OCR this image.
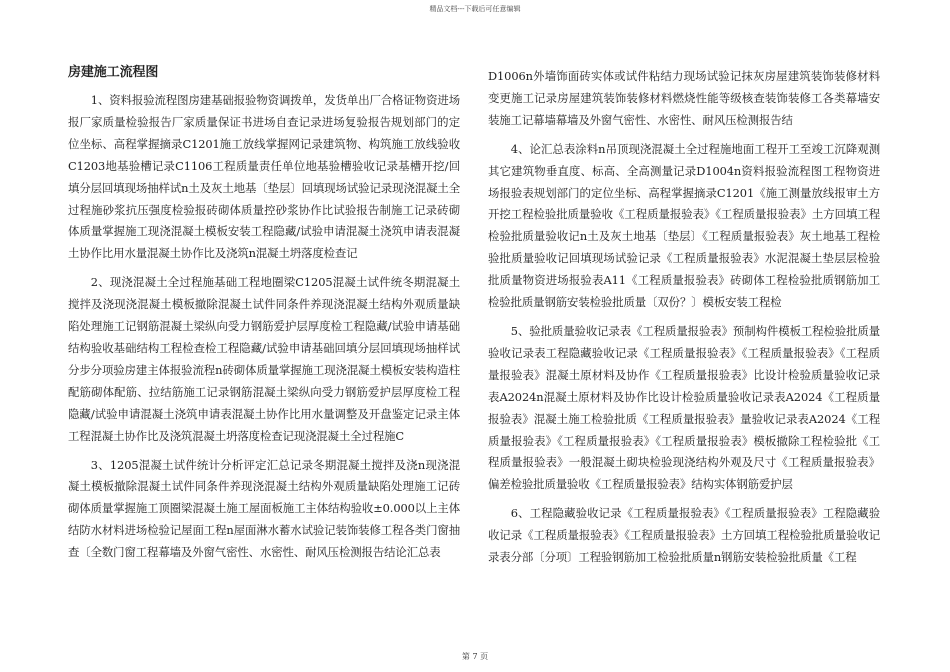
精品文档---下载后可任意编辑
房建施工流程图

1、资料报验流程图房建基础报验物资调拨单，发货单出厂合格证物资进场报厂家质量检验报告厂家质量保证书进场自查记录进场复验报告规划部门的定位坐标、高程掌握摘录C1201施工放线掌握网记录建筑物、构筑施工放线验收C1203地基验槽记录C1106工程质量责任单位地基验槽验收记录基槽开挖/回填分层回填现场抽样试n土及灰土地基〔垫层〕回填现场试验记录现浇混凝土全过程施砂浆抗压强度检验报砖砌体质量控砂浆协作比试验报告制施工记录砖砌体质量掌握施工现浇混凝土模板安装工程隐藏/试验申请混凝土浇筑申请表混凝土协作比用水量混凝土协作比及浇筑n混凝土坍落度检查记

2、现浇混凝土全过程施基础工程地圈梁C1205混凝土试件统冬期混凝土搅拌及浇现浇混凝土模板撤除混凝土试件同条件养现浇混凝土结构外观质量缺陷处理施工记钢筋混凝土梁纵向受力钢筋爱护层厚度检工程隐藏/试验申请基础结构验收基础结构工程检查检工程隐藏/试验申请基础回填分层回填现场抽样试分步分项验房建主体报验流程n砖砌体质量掌握施工现浇混凝土模板安装构造柱配筋砌体配筋、拉结筋施工记录钢筋混凝土梁纵向受力钢筋爱护层厚度检工程隐藏/试验申请混凝土浇筑申请表混凝土协作比用水量调整及开盘鉴定记录主体工程混凝土协作比及浇筑混凝土坍落度检查记现浇混凝土全过程施C

3、1205混凝土试件统计分析评定汇总记录冬期混凝土搅拌及浇n现浇混凝土模板撤除混凝土试件同条件养现浇混凝土结构外观质量缺陷处理施工记砖砌体质量掌握施工顶圈梁混凝土施工屋面板施工主体结构验收±0.000以上主体结防水材料进场检验记屋面工程n屋面淋水蓄水试验记装饰装修工程各类门窗抽查〔全数门窗工程幕墙及外窗气密性、水密性、耐风压检测报告结论汇总表

D1006n外墙饰面砖实体或试件粘结力现场试验记抹灰房屋建筑装饰装修材料变更施工记录房屋建筑装饰装修材料燃烧性能等级核查装饰装修工各类幕墙安装施工记幕墙幕墙及外窗气密性、水密性、耐风压检测报告结

4、论汇总表涂料n吊顶现浇混凝土全过程施地面工程开工至竣工沉降观测其它建筑物垂直度、标高、全高测量记录D1004n资料报验流程图工程物资进场报验表规划部门的定位坐标、高程掌握摘录C1201《施工测量放线报审土方开挖工程检验批质量验收《工程质量报验表》《工程质量报验表》土方回填工程检验批质量验收记n土及灰土地基〔垫层〕《工程质量报验表》灰土地基工程检验批质量验收记回填现场试验记录《工程质量报验表》水泥混凝土垫层层检验批质量物资进场报验表A11《工程质量报验表》砖砌体工程检验批质钢筋加工检验批质量钢筋安装检验批质量〔双份？〕模板安装工程检

5、验批质量验收记录表《工程质量报验表》预制构件模板工程检验批质量验收记录表工程隐藏验收记录《工程质量报验表》《工程质量报验表》《工程质量报验表》混凝土原材料及协作《工程质量报验表》比设计检验质量验收记录表A2024n混凝土原材料及协作比设计检验质量验收记录表A2024《工程质量报验表》混凝土施工检验批质《工程质量报验表》量验收记录表A2024《工程质量报验表》《工程质量报验表》《工程质量报验表》模板撤除工程检验批《工程质量报验表》一般混凝土砌块检验现浇结构外观及尺寸《工程质量报验表》偏差检验批质量验收《工程质量报验表》结构实体钢筋爱护层

6、工程隐藏验收记录《工程质量报验表》《工程质量报验表》工程隐藏验收记录《工程质量报验表》《工程质量报验表》土方回填工程检验批质量验收记录表分部〔分项〕工程验钢筋加工检验批质量n钢筋安装检验批质量《工程

第 7 页
